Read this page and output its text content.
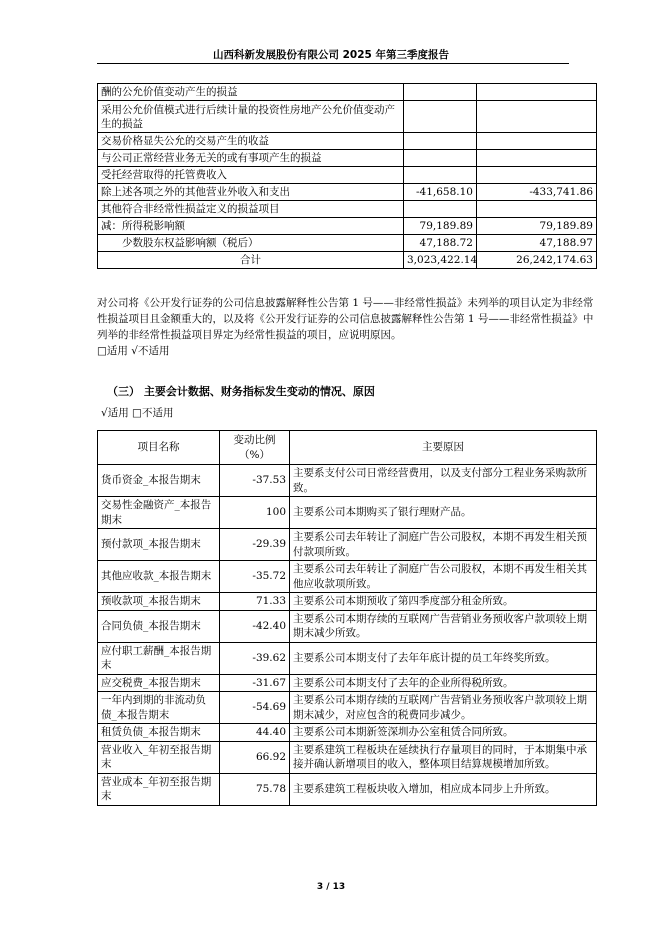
山西科新发展股份有限公司 2025 年第三季度报告
酬的公允价值变动产生的损益		
采用公允价值模式进行后续计量的投资性房地产公允价值变动产生的损益		
交易价格显失公允的交易产生的收益		
与公司正常经营业务无关的或有事项产生的损益		
受托经营取得的托管费收入		
除上述各项之外的其他营业外收入和支出	-41,658.10	-433,741.86
其他符合非经常性损益定义的损益项目		
减：所得税影响额	79,189.89	79,189.89
少数股东权益影响额（税后）	47,188.72	47,188.97
合计	3,023,422.14	26,242,174.63

对公司将《公开发行证券的公司信息披露解释性公告第 1 号——非经常性损益》未列举的项目认定为非经常性损益项目且金额重大的，以及将《公开发行证券的公司信息披露解释性公告第 1 号——非经常性损益》中列举的非经常性损益项目界定为经常性损益的项目，应说明原因。

□适用 √不适用

（三） 主要会计数据、财务指标发生变动的情况、原因
√适用 □不适用
项目名称	变动比例（%）	主要原因
货币资金_本报告期末	-37.53	主要系支付公司日常经营费用，以及支付部分工程业务采购款所致。
交易性金融资产_本报告期末	100	主要系公司本期购买了银行理财产品。
预付款项_本报告期末	-29.39	主要系公司去年转让了洞庭广告公司股权，本期不再发生相关预付款项所致。
其他应收款_本报告期末	-35.72	主要系公司去年转让了洞庭广告公司股权，本期不再发生相关其他应收款项所致。
预收款项_本报告期末	71.33	主要系公司本期预收了第四季度部分租金所致。
合同负债_本报告期末	-42.40	主要系公司本期存续的互联网广告营销业务预收客户款项较上期期末减少所致。
应付职工薪酬_本报告期末	-39.62	主要系公司本期支付了去年年底计提的员工年终奖所致。
应交税费_本报告期末	-31.67	主要系公司本期支付了去年的企业所得税所致。
一年内到期的非流动负债_本报告期末	-54.69	主要系公司本期存续的互联网广告营销业务预收客户款项较上期期末减少，对应包含的税费同步减少。
租赁负债_本报告期末	44.40	主要系公司本期新签深圳办公室租赁合同所致。
营业收入_年初至报告期末	66.92	主要系建筑工程板块在延续执行存量项目的同时，于本期集中承接并确认新增项目的收入，整体项目结算规模增加所致。
营业成本_年初至报告期末	75.78	主要系建筑工程板块收入增加，相应成本同步上升所致。
3 / 13
